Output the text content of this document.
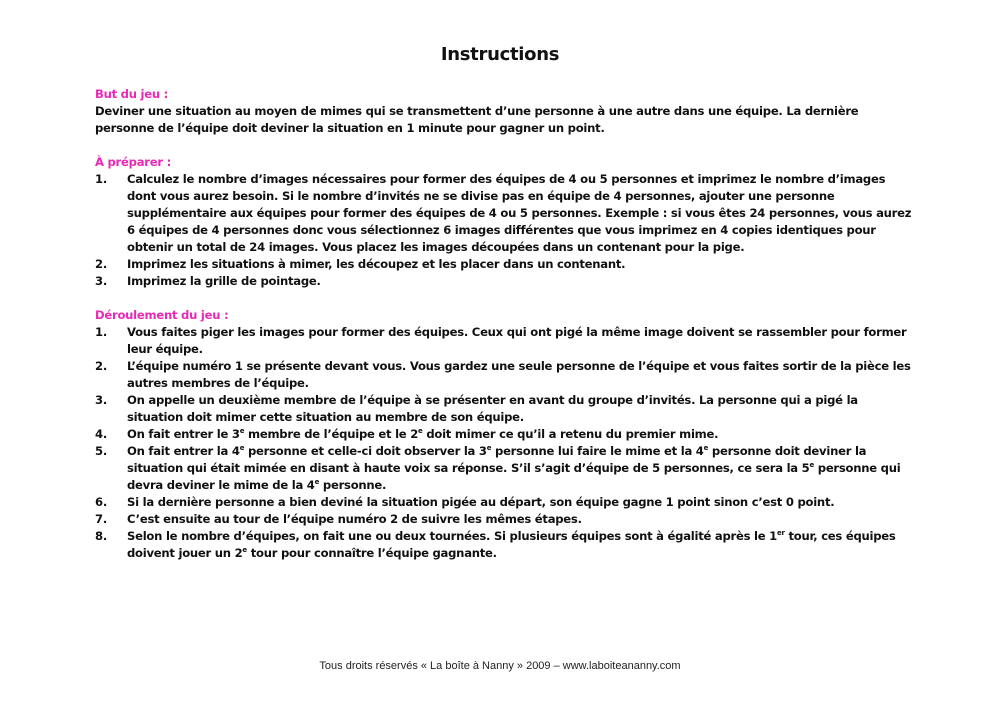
Instructions
But du jeu :
Deviner une situation au moyen de mimes qui se transmettent d’une personne à une autre dans une équipe. La dernière personne de l’équipe doit deviner la situation en 1 minute pour gagner un point.
À préparer :
1.	Calculez le nombre d’images nécessaires pour former des équipes de 4 ou 5 personnes et imprimez le nombre d’images dont vous aurez besoin. Si le nombre d’invités ne se divise pas en équipe de 4 personnes, ajouter une personne supplémentaire aux équipes pour former des équipes de 4 ou 5 personnes. Exemple : si vous êtes 24 personnes, vous aurez 6 équipes de 4 personnes donc vous sélectionnez 6 images différentes que vous imprimez en 4 copies identiques pour obtenir un total de 24 images. Vous placez les images découpées dans un contenant pour la pige.
2.	Imprimez les situations à mimer, les découpez et les placer dans un contenant.
3.	Imprimez la grille de pointage.
Déroulement du jeu :
1.	Vous faites piger les images pour former des équipes. Ceux qui ont pigé la même image doivent se rassembler pour former leur équipe.
2.	L’équipe numéro 1 se présente devant vous. Vous gardez une seule personne de l’équipe et vous faites sortir de la pièce les autres membres de l’équipe.
3.	On appelle un deuxième membre de l’équipe à se présenter en avant du groupe d’invités. La personne qui a pigé la situation doit mimer cette situation au membre de son équipe.
4.	On fait entrer le 3e membre de l’équipe et le 2e doit mimer ce qu’il a retenu du premier mime.
5.	On fait entrer la 4e personne et celle-ci doit observer la 3e personne lui faire le mime et la 4e personne doit deviner la situation qui était mimée en disant à haute voix sa réponse. S’il s’agit d’équipe de 5 personnes, ce sera la 5e personne qui devra deviner le mime de la 4e personne.
6.	Si la dernière personne a bien deviné la situation pigée au départ, son équipe gagne 1 point sinon c’est 0 point.
7.	C’est ensuite au tour de l’équipe numéro 2 de suivre les mêmes étapes.
8.	Selon le nombre d’équipes, on fait une ou deux tournées. Si plusieurs équipes sont à égalité après le 1er tour, ces équipes doivent jouer un 2e tour pour connaître l’équipe gagnante.
Tous droits réservés « La boîte à Nanny » 2009 – www.laboiteananny.com
